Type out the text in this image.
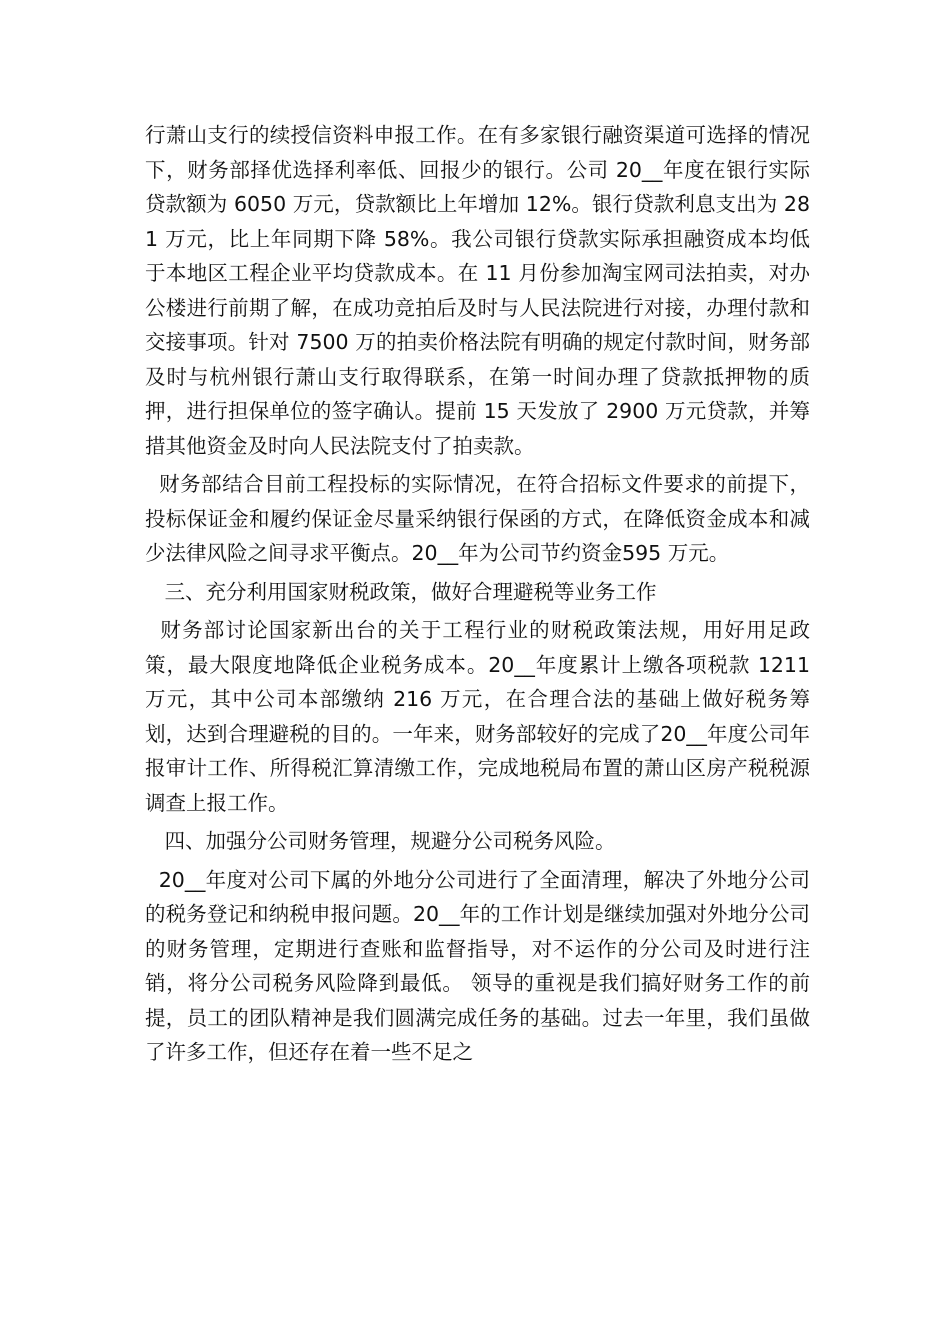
行萧山支行的续授信资料申报工作。在有多家银行融资渠道可选择的情况下，财务部择优选择利率低、回报少的银行。公司 20__年度在银行实际贷款额为 6050 万元，贷款额比上年增加 12%。银行贷款利息支出为 281 万元，比上年同期下降 58%。我公司银行贷款实际承担融资成本均低于本地区工程企业平均贷款成本。在 11 月份参加淘宝网司法拍卖，对办公楼进行前期了解，在成功竞拍后及时与人民法院进行对接，办理付款和交接事项。针对 7500 万的拍卖价格法院有明确的规定付款时间，财务部及时与杭州银行萧山支行取得联系，在第一时间办理了贷款抵押物的质押，进行担保单位的签字确认。提前 15 天发放了 2900 万元贷款，并筹措其他资金及时向人民法院支付了拍卖款。

财务部结合目前工程投标的实际情况，在符合招标文件要求的前提下，投标保证金和履约保证金尽量采纳银行保函的方式，在降低资金成本和减少法律风险之间寻求平衡点。20__年为公司节约资金595 万元。

三、充分利用国家财税政策，做好合理避税等业务工作

财务部讨论国家新出台的关于工程行业的财税政策法规，用好用足政策，最大限度地降低企业税务成本。20__年度累计上缴各项税款 1211 万元，其中公司本部缴纳 216 万元，在合理合法的基础上做好税务筹划，达到合理避税的目的。一年来，财务部较好的完成了20__年度公司年报审计工作、所得税汇算清缴工作，完成地税局布置的萧山区房产税税源调查上报工作。

四、加强分公司财务管理，规避分公司税务风险。

20__年度对公司下属的外地分公司进行了全面清理，解决了外地分公司的税务登记和纳税申报问题。20__年的工作计划是继续加强对外地分公司的财务管理，定期进行查账和监督指导，对不运作的分公司及时进行注销，将分公司税务风险降到最低。 领导的重视是我们搞好财务工作的前提，员工的团队精神是我们圆满完成任务的基础。过去一年里，我们虽做了许多工作，但还存在着一些不足之
